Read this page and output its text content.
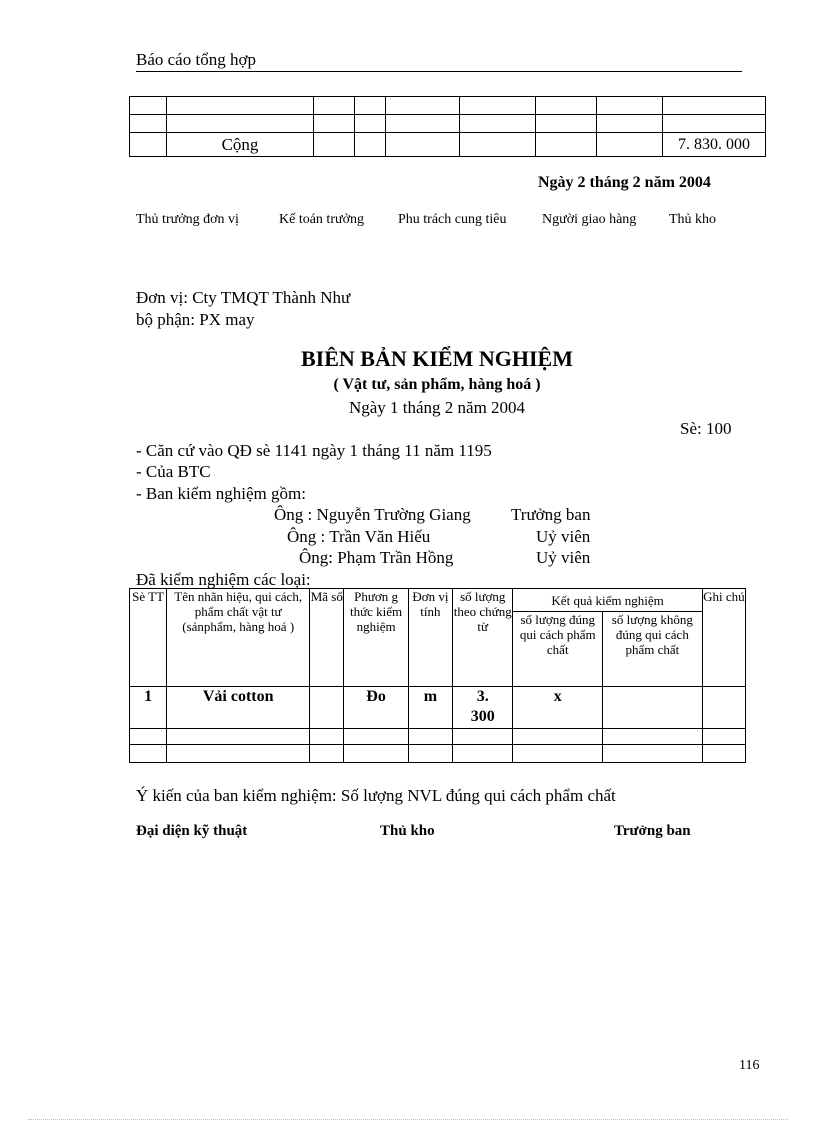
Báo cáo tổng hợp

	Cộng							7. 830. 000
Ngày 2 tháng 2 năm 2004
Thủ trưởng đơn vị	Kế toán trưởng Phu trách cung tiêu	Người giao hàng Thủ kho
Đơn vị: Cty TMQT Thành Như
bộ phận: PX may
BIÊN BẢN KIỂM NGHIỆM
( Vật tư, sản phẩm, hàng hoá )
Ngày 1 tháng 2 năm 2004
Sè: 100
- Căn cứ vào QĐ sè 1141 ngày 1 tháng 11 năm 1195
- Của BTC
- Ban kiểm nghiệm gồm:
Ông : Nguyễn Trường Giang Trưởng ban
Ông : Trần Văn Hiếu	Uỷ viên
Ông: Phạm Trần Hồng	Uỷ viên
Đã kiểm nghiệm các loại:
Sè TT	Tên nhãn hiệu, qui cách, phẩm chất vật tư (sảnphẩm, hàng hoá )	Mã số	Phươn g thức kiểm nghiệm	Đơn vị tính	số lượng theo chứng từ	Kết quả kiểm nghiệm		Ghi chú
						số lượng đúng qui cách phẩm chất	số lượng không đúng qui cách phẩm chất	
1	Vải cotton		Đo	m	3. 300	x		

Ý kiến của ban kiểm nghiệm: Số lượng NVL đúng qui cách phẩm chất
Đại diện kỹ thuật	Thủ kho	Trưởng ban
116
